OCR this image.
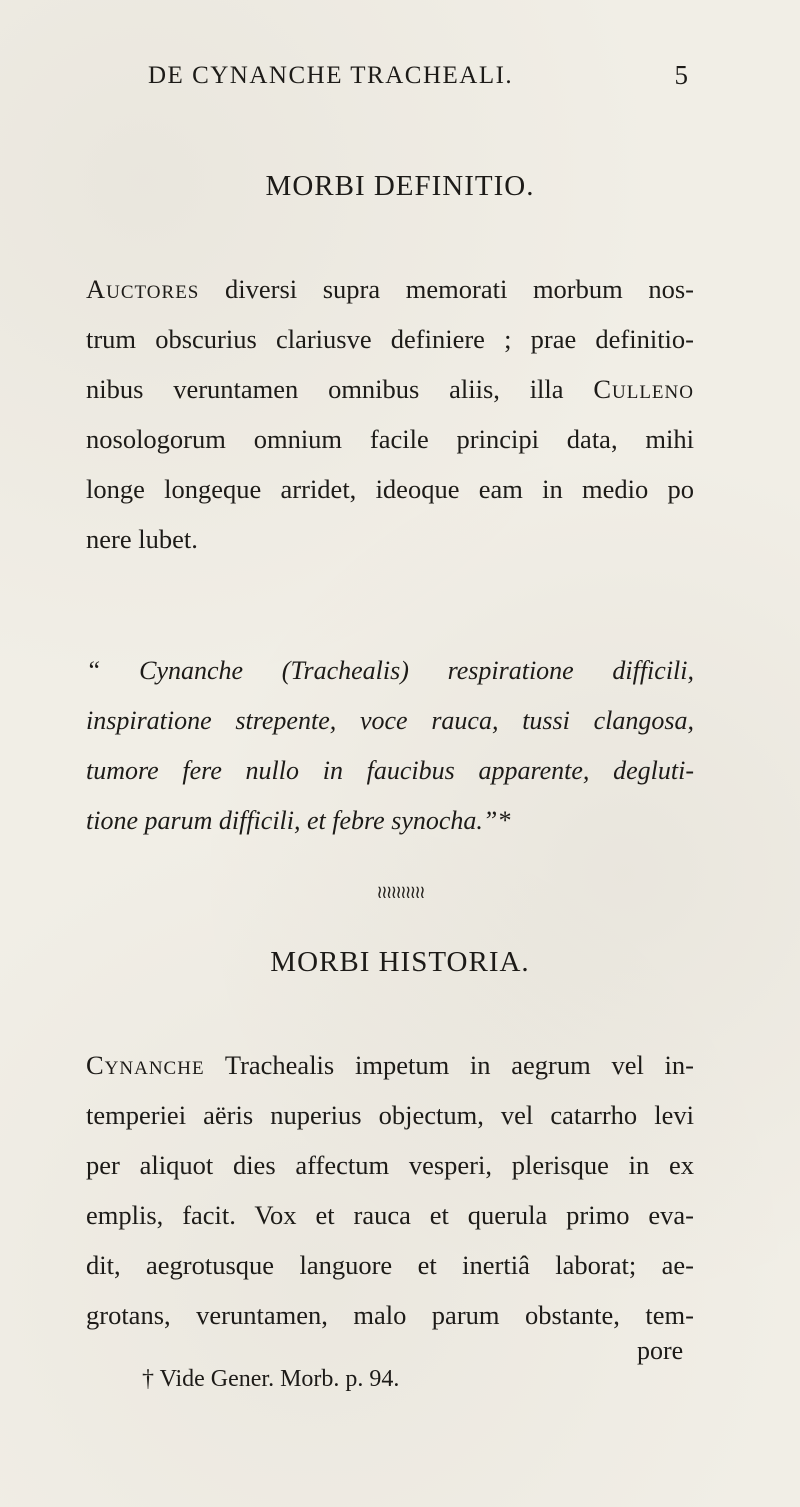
DE CYNANCHE TRACHEALI.	5
MORBI DEFINITIO.
Auctores diversi supra memorati morbum nos-
trum obscurius clariusve definiere ; prae definitio-
nibus veruntamen omnibus aliis, illa Culleno
nosologorum omnium facile principi data, mihi
longe longeque arridet, ideoque eam in medio po
nere lubet.
“ Cynanche (Trachealis) respiratione difficili,
inspiratione strepente, voce rauca, tussi clangosa,
tumore fere nullo in faucibus apparente, degluti-
tione parum difficili, et febre synocha.”*
≀≀≀≀≀≀≀≀≀≀
MORBI HISTORIA.
Cynanche Trachealis impetum in aegrum vel in-
temperiei aëris nuperius objectum, vel catarrho levi
per aliquot dies affectum vesperi, plerisque in ex
emplis, facit. Vox et rauca et querula primo eva-
dit, aegrotusque languore et inertiâ laborat; ae-
grotans, veruntamen, malo parum obstante, tem-
pore
† Vide Gener. Morb. p. 94.
